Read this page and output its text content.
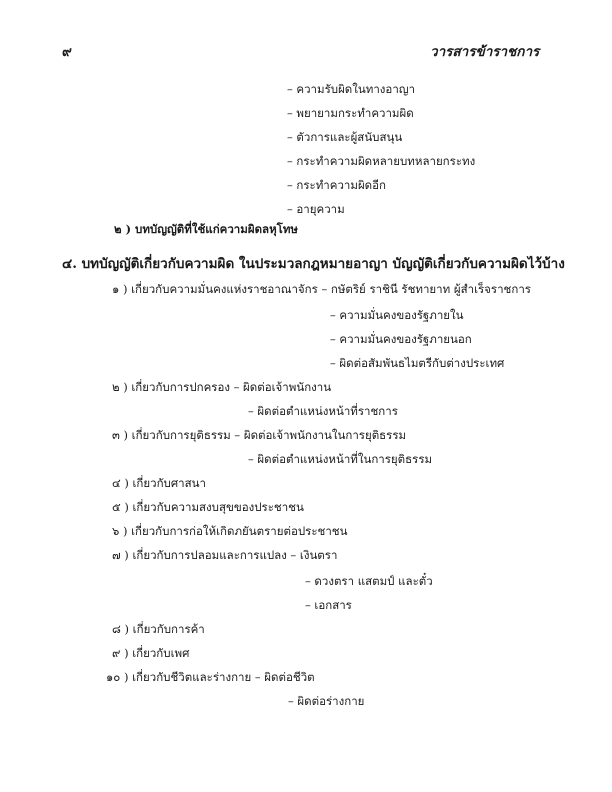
๙	วารสารข้าราชการ
– ความรับผิดในทางอาญา
– พยายามกระทำความผิด
– ตัวการและผู้สนับสนุน
– กระทำความผิดหลายบทหลายกระทง
– กระทำความผิดอีก
– อายุความ
๒ ) บทบัญญัติที่ใช้แก่ความผิดลหุโทษ
๔. บทบัญญัติเกี่ยวกับความผิด ในประมวลกฎหมายอาญา บัญญัติเกี่ยวกับความผิดไว้บ้าง
๑ ) เกี่ยวกับความมั่นคงแห่งราชอาณาจักร – กษัตริย์ ราชินี รัชทายาท ผู้สำเร็จราชการ
– ความมั่นคงของรัฐภายใน
– ความมั่นคงของรัฐภายนอก
– ผิดต่อสัมพันธไมตรีกับต่างประเทศ
๒ ) เกี่ยวกับการปกครอง – ผิดต่อเจ้าพนักงาน
– ผิดต่อตำแหน่งหน้าที่ราชการ
๓ ) เกี่ยวกับการยุติธรรม – ผิดต่อเจ้าพนักงานในการยุติธรรม
– ผิดต่อตำแหน่งหน้าที่ในการยุติธรรม
๔ ) เกี่ยวกับศาสนา
๕ ) เกี่ยวกับความสงบสุขของประชาชน
๖ ) เกี่ยวกับการก่อให้เกิดภยันตรายต่อประชาชน
๗ ) เกี่ยวกับการปลอมและการแปลง – เงินตรา
– ดวงตรา แสตมป์ และตั๋ว
– เอกสาร
๘ ) เกี่ยวกับการค้า
๙ ) เกี่ยวกับเพศ
๑๐ ) เกี่ยวกับชีวิตและร่างกาย – ผิดต่อชีวิต
– ผิดต่อร่างกาย
